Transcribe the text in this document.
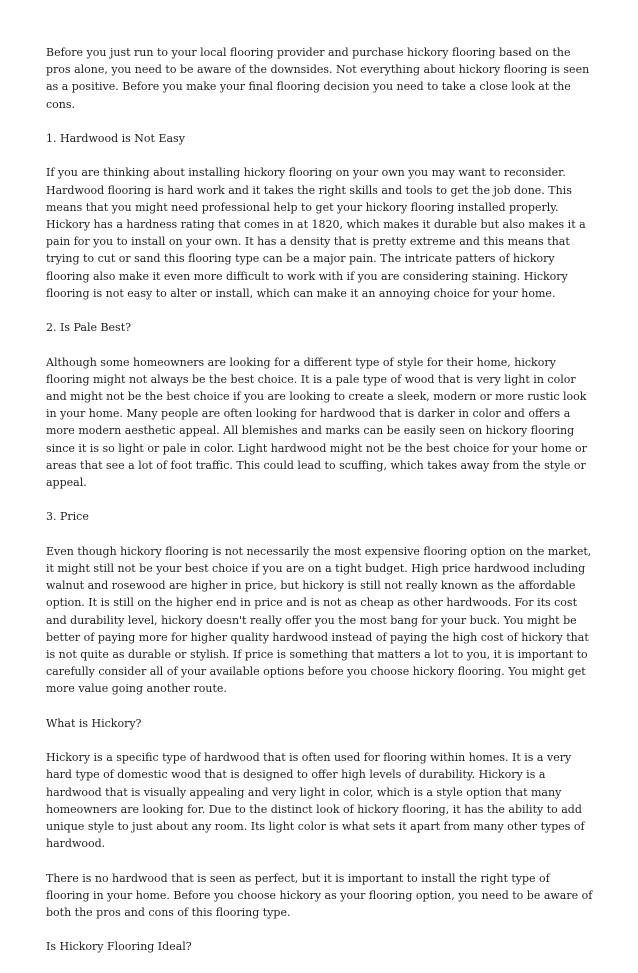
Before you just run to your local flooring provider and purchase hickory flooring based on the pros alone, you need to be aware of the downsides. Not everything about hickory flooring is seen as a positive. Before you make your final flooring decision you need to take a close look at the cons.

1. Hardwood is Not Easy

If you are thinking about installing hickory flooring on your own you may want to reconsider. Hardwood flooring is hard work and it takes the right skills and tools to get the job done. This means that you might need professional help to get your hickory flooring installed properly. Hickory has a hardness rating that comes in at 1820, which makes it durable but also makes it a pain for you to install on your own. It has a density that is pretty extreme and this means that trying to cut or sand this flooring type can be a major pain. The intricate patters of hickory flooring also make it even more difficult to work with if you are considering staining. Hickory flooring is not easy to alter or install, which can make it an annoying choice for your home.

2. Is Pale Best?

Although some homeowners are looking for a different type of style for their home, hickory flooring might not always be the best choice. It is a pale type of wood that is very light in color and might not be the best choice if you are looking to create a sleek, modern or more rustic look in your home. Many people are often looking for hardwood that is darker in color and offers a more modern aesthetic appeal. All blemishes and marks can be easily seen on hickory flooring since it is so light or pale in color. Light hardwood might not be the best choice for your home or areas that see a lot of foot traffic. This could lead to scuffing, which takes away from the style or appeal.

3. Price

Even though hickory flooring is not necessarily the most expensive flooring option on the market, it might still not be your best choice if you are on a tight budget. High price hardwood including walnut and rosewood are higher in price, but hickory is still not really known as the affordable option. It is still on the higher end in price and is not as cheap as other hardwoods. For its cost and durability level, hickory doesn't really offer you the most bang for your buck. You might be better of paying more for higher quality hardwood instead of paying the high cost of hickory that is not quite as durable or stylish. If price is something that matters a lot to you, it is important to carefully consider all of your available options before you choose hickory flooring. You might get more value going another route.

What is Hickory?

Hickory is a specific type of hardwood that is often used for flooring within homes. It is a very hard type of domestic wood that is designed to offer high levels of durability. Hickory is a hardwood that is visually appealing and very light in color, which is a style option that many homeowners are looking for. Due to the distinct look of hickory flooring, it has the ability to add unique style to just about any room. Its light color is what sets it apart from many other types of hardwood.

There is no hardwood that is seen as perfect, but it is important to install the right type of flooring in your home. Before you choose hickory as your flooring option, you need to be aware of both the pros and cons of this flooring type.

Is Hickory Flooring Ideal?
